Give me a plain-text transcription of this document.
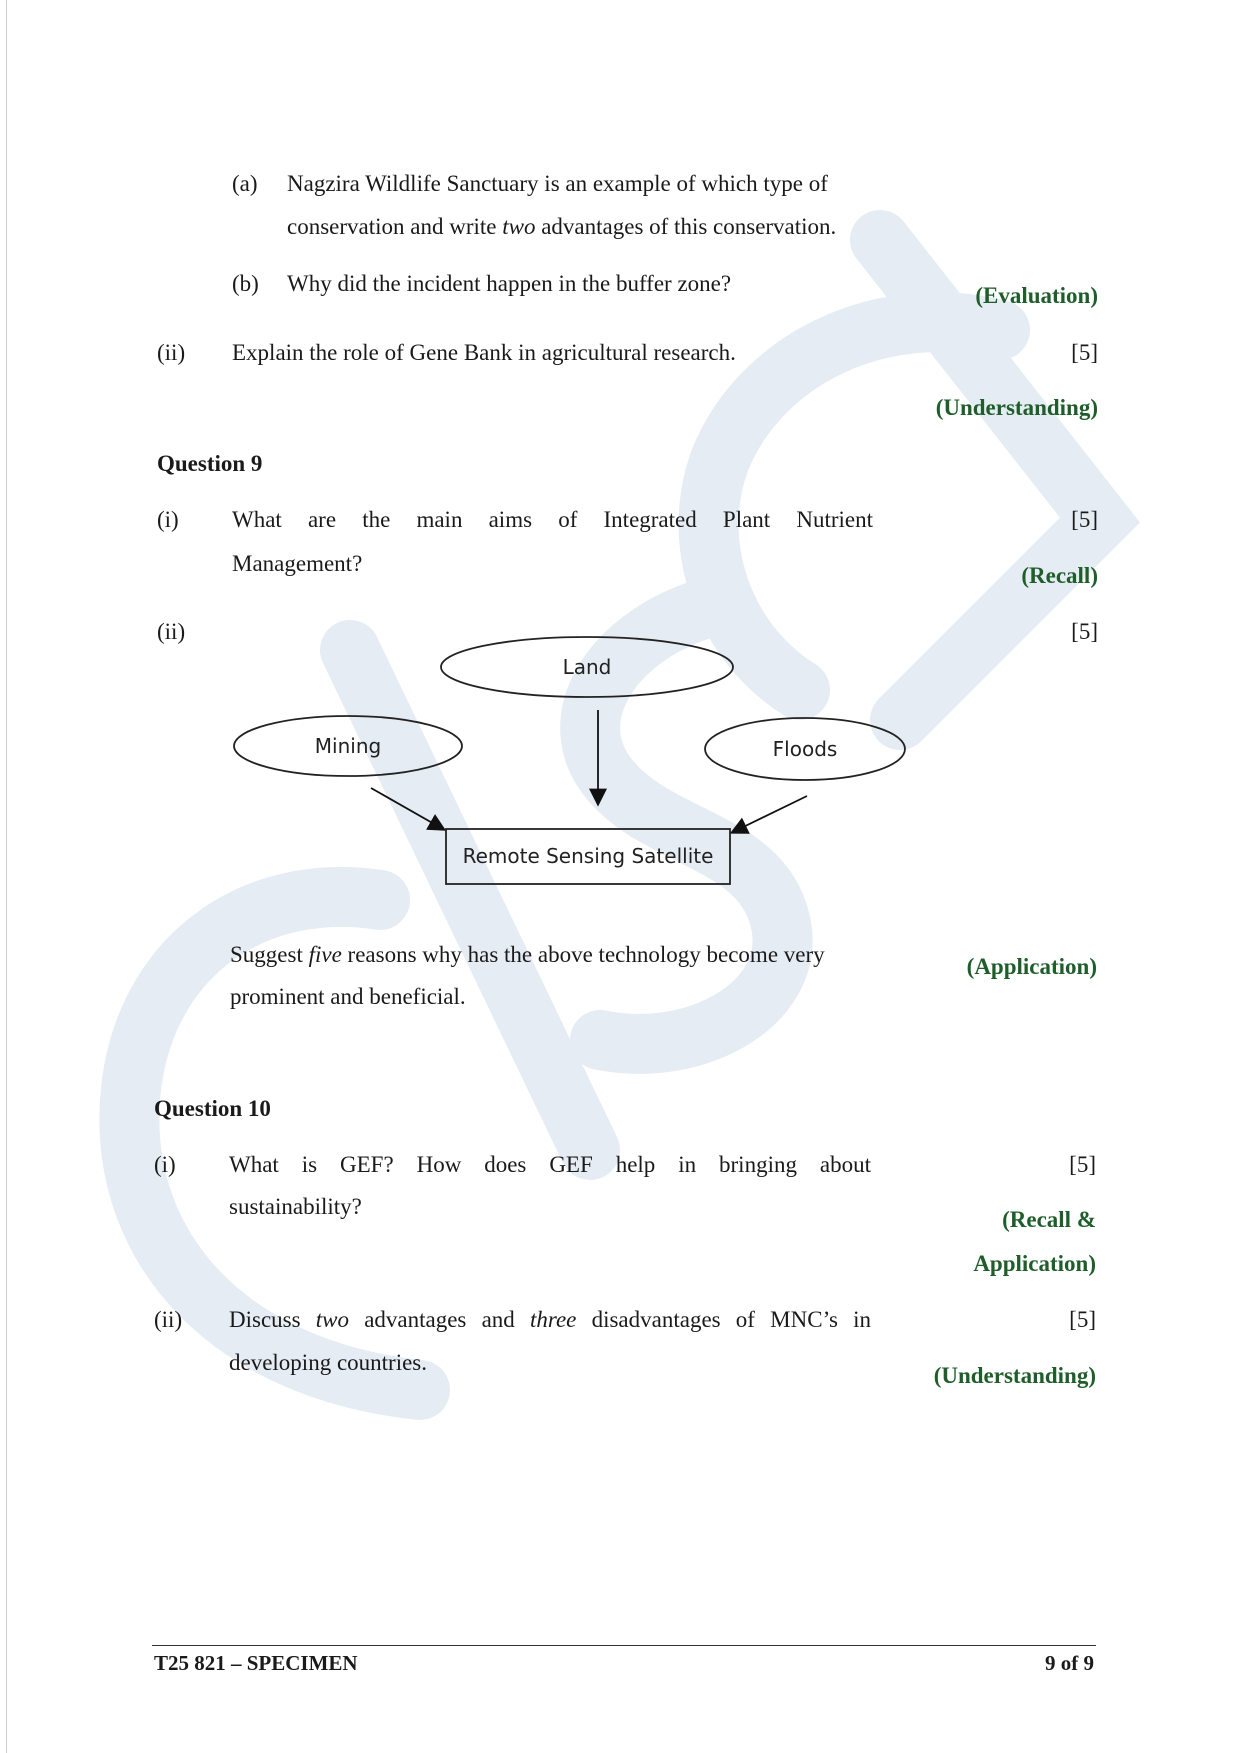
(a) Nagzira Wildlife Sanctuary is an example of which type of
conservation and write two advantages of this conservation.
(b) Why did the incident happen in the buffer zone?	(Evaluation)
(ii) Explain the role of Gene Bank in agricultural research.	[5]
(Understanding)
Question 9
(i) What are the main aims of Integrated Plant Nutrient
Management?
[5]
(Recall)
(ii)	[5]
Land
Mining	Floods
Remote Sensing Satellite
Suggest five reasons why has the above technology become very
prominent and beneficial.
(Application)
Question 10
(i) What is GEF? How does GEF help in bringing about
sustainability?
[5]
(Recall &
Application)
(ii) Discuss two advantages and three disadvantages of MNC’s in
developing countries.
[5]
(Understanding)
T25 821 – SPECIMEN	9 of 9
